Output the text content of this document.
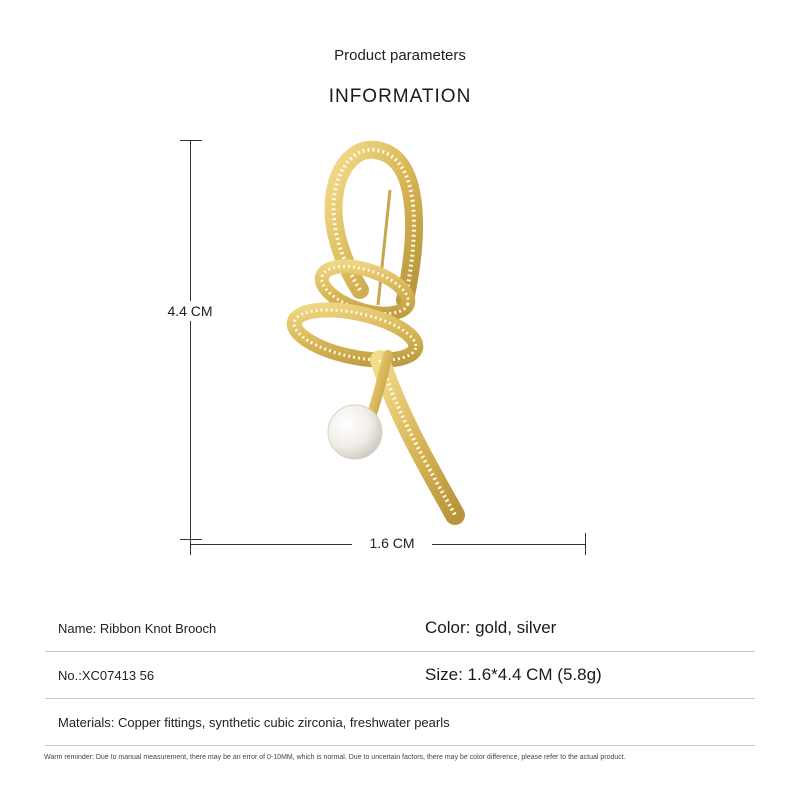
Product parameters
INFORMATION
4.4 CM
1.6 CM
Name: Ribbon Knot Brooch	Color: gold, silver
No.:XC07413 56	Size: 1.6*4.4 CM (5.8g)
Materials: Copper fittings, synthetic cubic zirconia, freshwater pearls
Warm reminder: Due to manual measurement, there may be an error of 0-10MM, which is normal. Due to uncertain factors, there may be color difference, please refer to the actual product.
